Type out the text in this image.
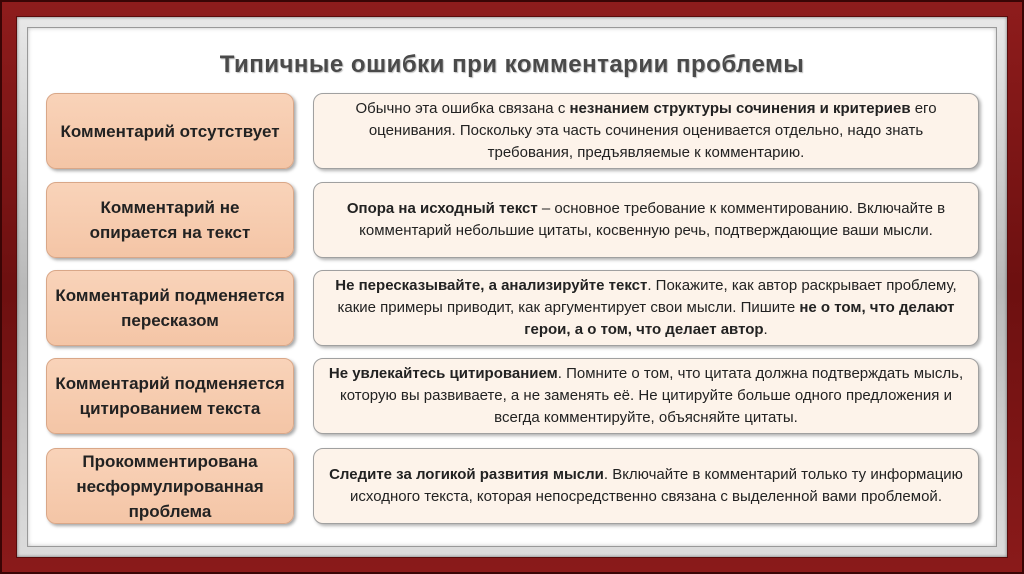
Типичные ошибки при комментарии проблемы
Комментарий отсутствует
Обычно эта ошибка связана с незнанием структуры сочинения и критериев его оценивания. Поскольку эта часть сочинения оценивается отдельно, надо знать требования, предъявляемые к комментарию.
Комментарий не опирается на текст
Опора на исходный текст – основное требование к комментированию. Включайте в комментарий небольшие цитаты, косвенную речь, подтверждающие ваши мысли.
Комментарий подменяется пересказом
Не пересказывайте, а анализируйте текст. Покажите, как автор раскрывает проблему, какие примеры приводит, как аргументирует свои мысли. Пишите не о том, что делают герои, а о том, что делает автор.
Комментарий подменяется цитированием текста
Не увлекайтесь цитированием. Помните о том, что цитата должна подтверждать мысль, которую вы развиваете, а не заменять её. Не цитируйте больше одного предложения и всегда комментируйте, объясняйте цитаты.
Прокомментирована несформулированная проблема
Следите за логикой развития мысли. Включайте в комментарий только ту информацию исходного текста, которая непосредственно связана с выделенной вами проблемой.
